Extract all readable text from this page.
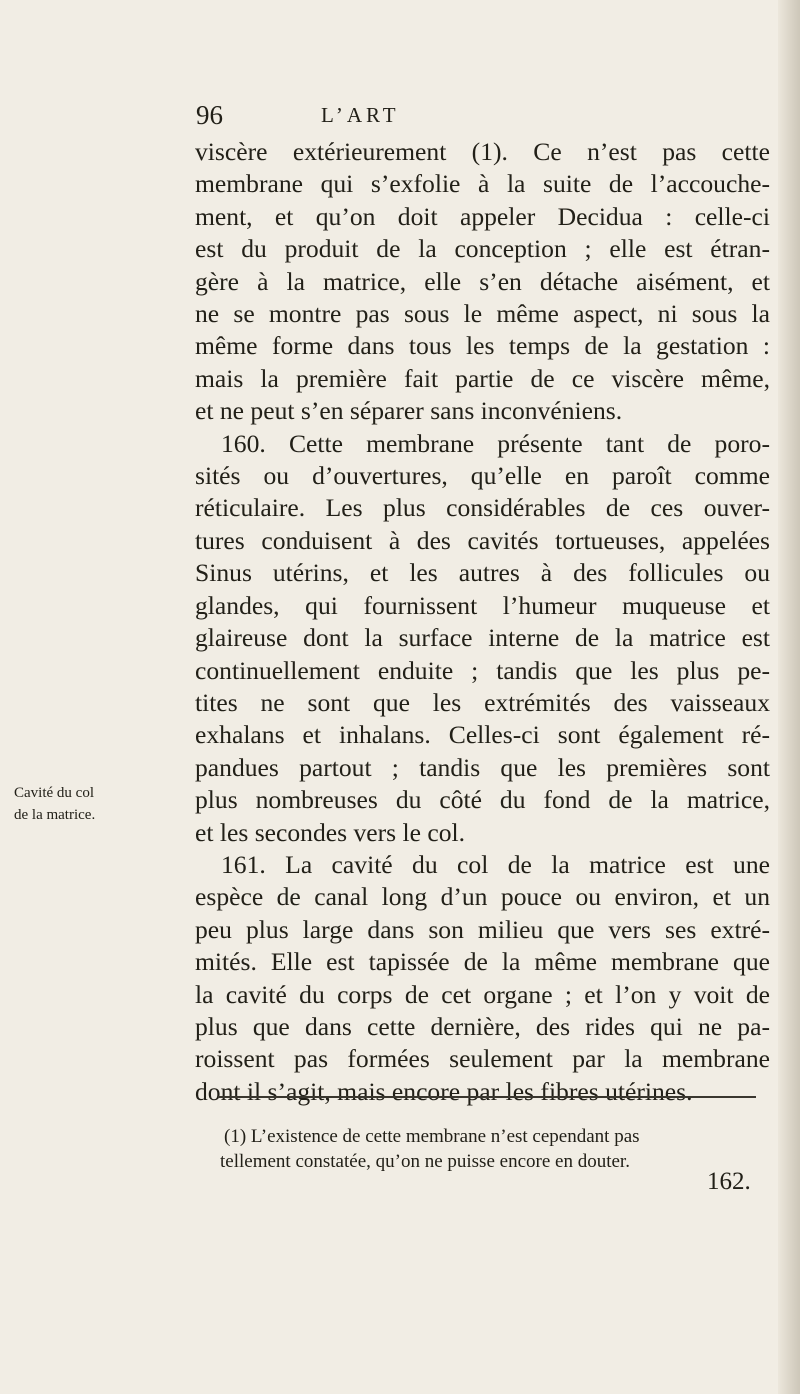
96	L’ART
viscère extérieurement (1). Ce n’est pas cette
membrane qui s’exfolie à la suite de l’accouche-
ment, et qu’on doit appeler Decidua : celle-ci
est du produit de la conception ; elle est étran-
gère à la matrice, elle s’en détache aisément, et
ne se montre pas sous le même aspect, ni sous la
même forme dans tous les temps de la gestation :
mais la première fait partie de ce viscère même,
et ne peut s’en séparer sans inconvéniens.
160. Cette membrane présente tant de poro-
sités ou d’ouvertures, qu’elle en paroît comme
réticulaire. Les plus considérables de ces ouver-
tures conduisent à des cavités tortueuses, appelées
Sinus utérins, et les autres à des follicules ou
glandes, qui fournissent l’humeur muqueuse et
glaireuse dont la surface interne de la matrice est
continuellement enduite ; tandis que les plus pe-
tites ne sont que les extrémités des vaisseaux
exhalans et inhalans. Celles-ci sont également ré-
pandues partout ; tandis que les premières sont
plus nombreuses du côté du fond de la matrice,
et les secondes vers le col.
161. La cavité du col de la matrice est une
espèce de canal long d’un pouce ou environ, et un
peu plus large dans son milieu que vers ses extré-
mités. Elle est tapissée de la même membrane que
la cavité du corps de cet organe ; et l’on y voit de
plus que dans cette dernière, des rides qui ne pa-
roissent pas formées seulement par la membrane
dont il s’agit, mais encore par les fibres utérines.
Cavité du col
de la matrice.
(1) L’existence de cette membrane n’est cependant pas
tellement constatée, qu’on ne puisse encore en douter.
162.
